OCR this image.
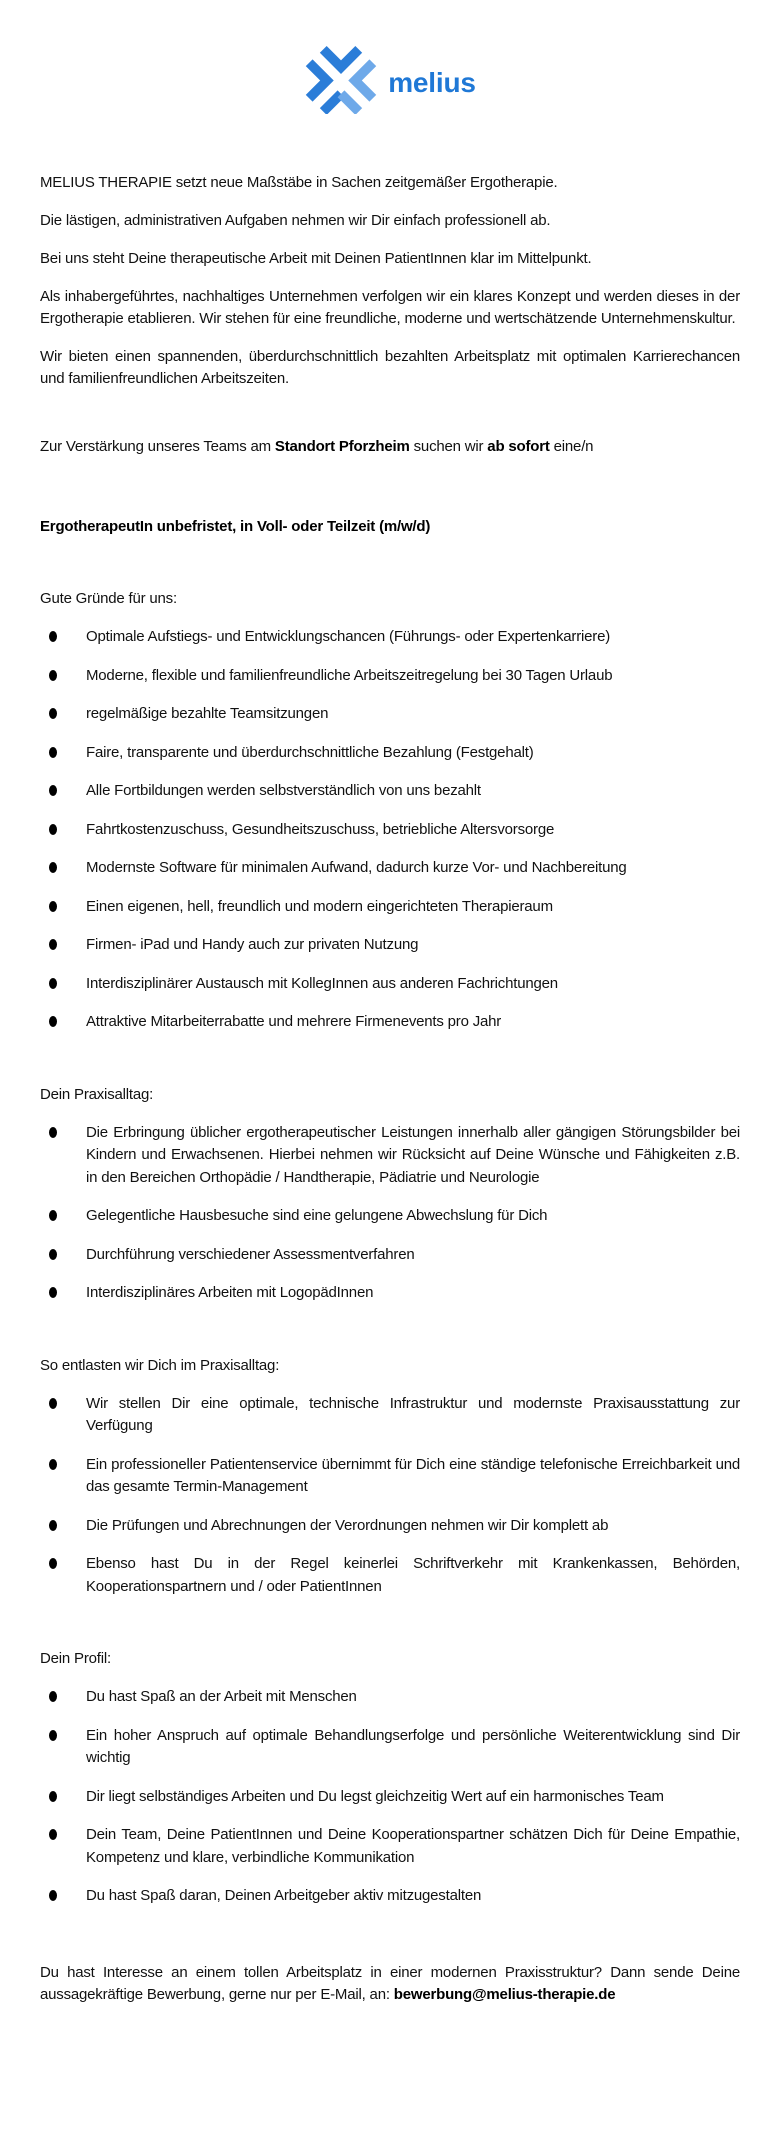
melius

MELIUS THERAPIE setzt neue Maßstäbe in Sachen zeitgemäßer Ergotherapie.

Die lästigen, administrativen Aufgaben nehmen wir Dir einfach professionell ab.

Bei uns steht Deine therapeutische Arbeit mit Deinen PatientInnen klar im Mittelpunkt.

Als inhabergeführtes, nachhaltiges Unternehmen verfolgen wir ein klares Konzept und werden dieses in der Ergotherapie etablieren. Wir stehen für eine freundliche, moderne und wertschätzende Unternehmenskultur.

Wir bieten einen spannenden, überdurchschnittlich bezahlten Arbeitsplatz mit optimalen Karrierechancen und familienfreundlichen Arbeitszeiten.

Zur Verstärkung unseres Teams am Standort Pforzheim suchen wir ab sofort eine/n
ErgotherapeutIn unbefristet, in Voll- oder Teilzeit (m/w/d)
Gute Gründe für uns:
Optimale Aufstiegs- und Entwicklungschancen (Führungs- oder Expertenkarriere)
Moderne, flexible und familienfreundliche Arbeitszeitregelung bei 30 Tagen Urlaub
regelmäßige bezahlte Teamsitzungen
Faire, transparente und überdurchschnittliche Bezahlung (Festgehalt)
Alle Fortbildungen werden selbstverständlich von uns bezahlt
Fahrtkostenzuschuss, Gesundheitszuschuss, betriebliche Altersvorsorge
Modernste Software für minimalen Aufwand, dadurch kurze Vor- und Nachbereitung
Einen eigenen, hell, freundlich und modern eingerichteten Therapieraum
Firmen- iPad und Handy auch zur privaten Nutzung
Interdisziplinärer Austausch mit KollegInnen aus anderen Fachrichtungen
Attraktive Mitarbeiterrabatte und mehrere Firmenevents pro Jahr
Dein Praxisalltag:
Die Erbringung üblicher ergotherapeutischer Leistungen innerhalb aller gängigen Störungsbilder bei Kindern und Erwachsenen. Hierbei nehmen wir Rücksicht auf Deine Wünsche und Fähigkeiten z.B. in den Bereichen Orthopädie / Handtherapie, Pädiatrie und Neurologie
Gelegentliche Hausbesuche sind eine gelungene Abwechslung für Dich
Durchführung verschiedener Assessmentverfahren
Interdisziplinäres Arbeiten mit LogopädInnen
So entlasten wir Dich im Praxisalltag:
Wir stellen Dir eine optimale, technische Infrastruktur und modernste Praxisausstattung zur Verfügung
Ein professioneller Patientenservice übernimmt für Dich eine ständige telefonische Erreichbarkeit und das gesamte Termin-Management
Die Prüfungen und Abrechnungen der Verordnungen nehmen wir Dir komplett ab
Ebenso hast Du in der Regel keinerlei Schriftverkehr mit Krankenkassen, Behörden, Kooperationspartnern und / oder PatientInnen
Dein Profil:
Du hast Spaß an der Arbeit mit Menschen
Ein hoher Anspruch auf optimale Behandlungserfolge und persönliche Weiterentwicklung sind Dir wichtig
Dir liegt selbständiges Arbeiten und Du legst gleichzeitig Wert auf ein harmonisches Team
Dein Team, Deine PatientInnen und Deine Kooperationspartner schätzen Dich für Deine Empathie, Kompetenz und klare, verbindliche Kommunikation
Du hast Spaß daran, Deinen Arbeitgeber aktiv mitzugestalten

Du hast Interesse an einem tollen Arbeitsplatz in einer modernen Praxisstruktur? Dann sende Deine aussagekräftige Bewerbung, gerne nur per E-Mail, an: bewerbung@melius-therapie.de
